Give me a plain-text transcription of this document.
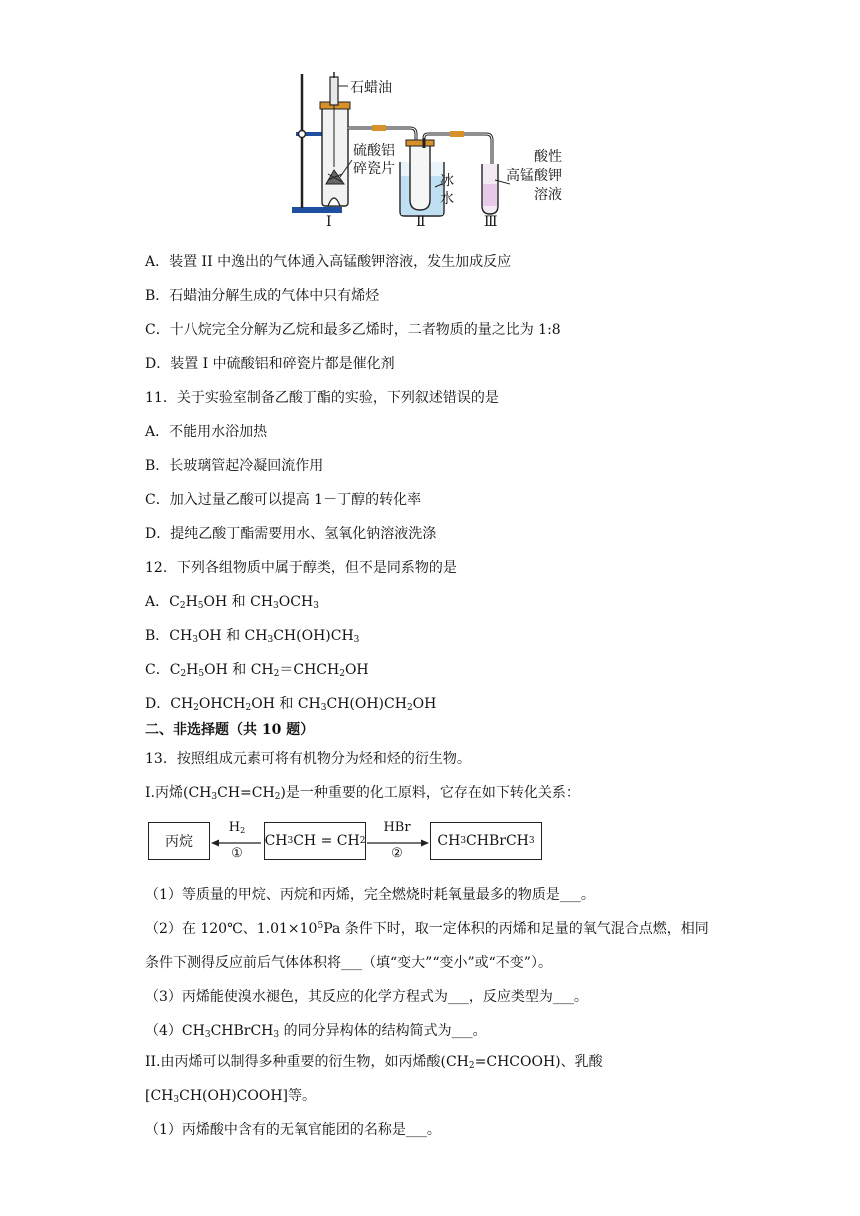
石蜡油
硫酸铝
碎瓷片
冰
水
酸性
高锰酸钾
溶液
Ⅰ	Ⅱ	Ⅲ
A．装置 II 中逸出的气体通入高锰酸钾溶液，发生加成反应
B．石蜡油分解生成的气体中只有烯烃
C．十八烷完全分解为乙烷和最多乙烯时，二者物质的量之比为 1:8
D．装置 I 中硫酸铝和碎瓷片都是催化剂
11．关于实验室制备乙酸丁酯的实验，下列叙述错误的是
A．不能用水浴加热
B．长玻璃管起冷凝回流作用
C．加入过量乙酸可以提高 1－丁醇的转化率
D．提纯乙酸丁酯需要用水、氢氧化钠溶液洗涤
12．下列各组物质中属于醇类，但不是同系物的是
A．$C_2H_5OH$ 和 $CH_3OCH_3$
B．$CH_3OH$ 和 $CH_3CH(OH)CH_3$
C．$C_2H_5OH$ 和 $CH_2=CHCH_2OH$
D．$CH_2OHCH_2OH$ 和 $CH_3CH(OH)CH_2OH$
二、非选择题（共 10 题）
13．按照组成元素可将有机物分为烃和烃的衍生物。
I.丙烯$(CH_3CH=CH_2)$是一种重要的化工原料，它存在如下转化关系：
丙烷
$H_2$
①
CH 3 CH = CH 2
HBr
②
CH 3 CHBrCH 3
（1）等质量的甲烷、丙烷和丙烯，完全燃烧时耗氧量最多的物质是___。
（2）在 120℃、$1.01\times 10^5Pa$ 条件下时，取一定体积的丙烯和足量的氧气混合点燃，相同
条件下测得反应前后气体体积将___（填“变大”“变小”或“不变”）。
（3）丙烯能使溴水褪色，其反应的化学方程式为___，反应类型为___。
$(4)CH_3CHBrCH_3$ 的同分异构体的结构简式为___。
II.由丙烯可以制得多种重要的衍生物，如丙烯酸$(CH_2=CHCOOH)$、乳酸
$[CH_3CH(OH)COOH]$等。
（1）丙烯酸中含有的无氧官能团的名称是___。
